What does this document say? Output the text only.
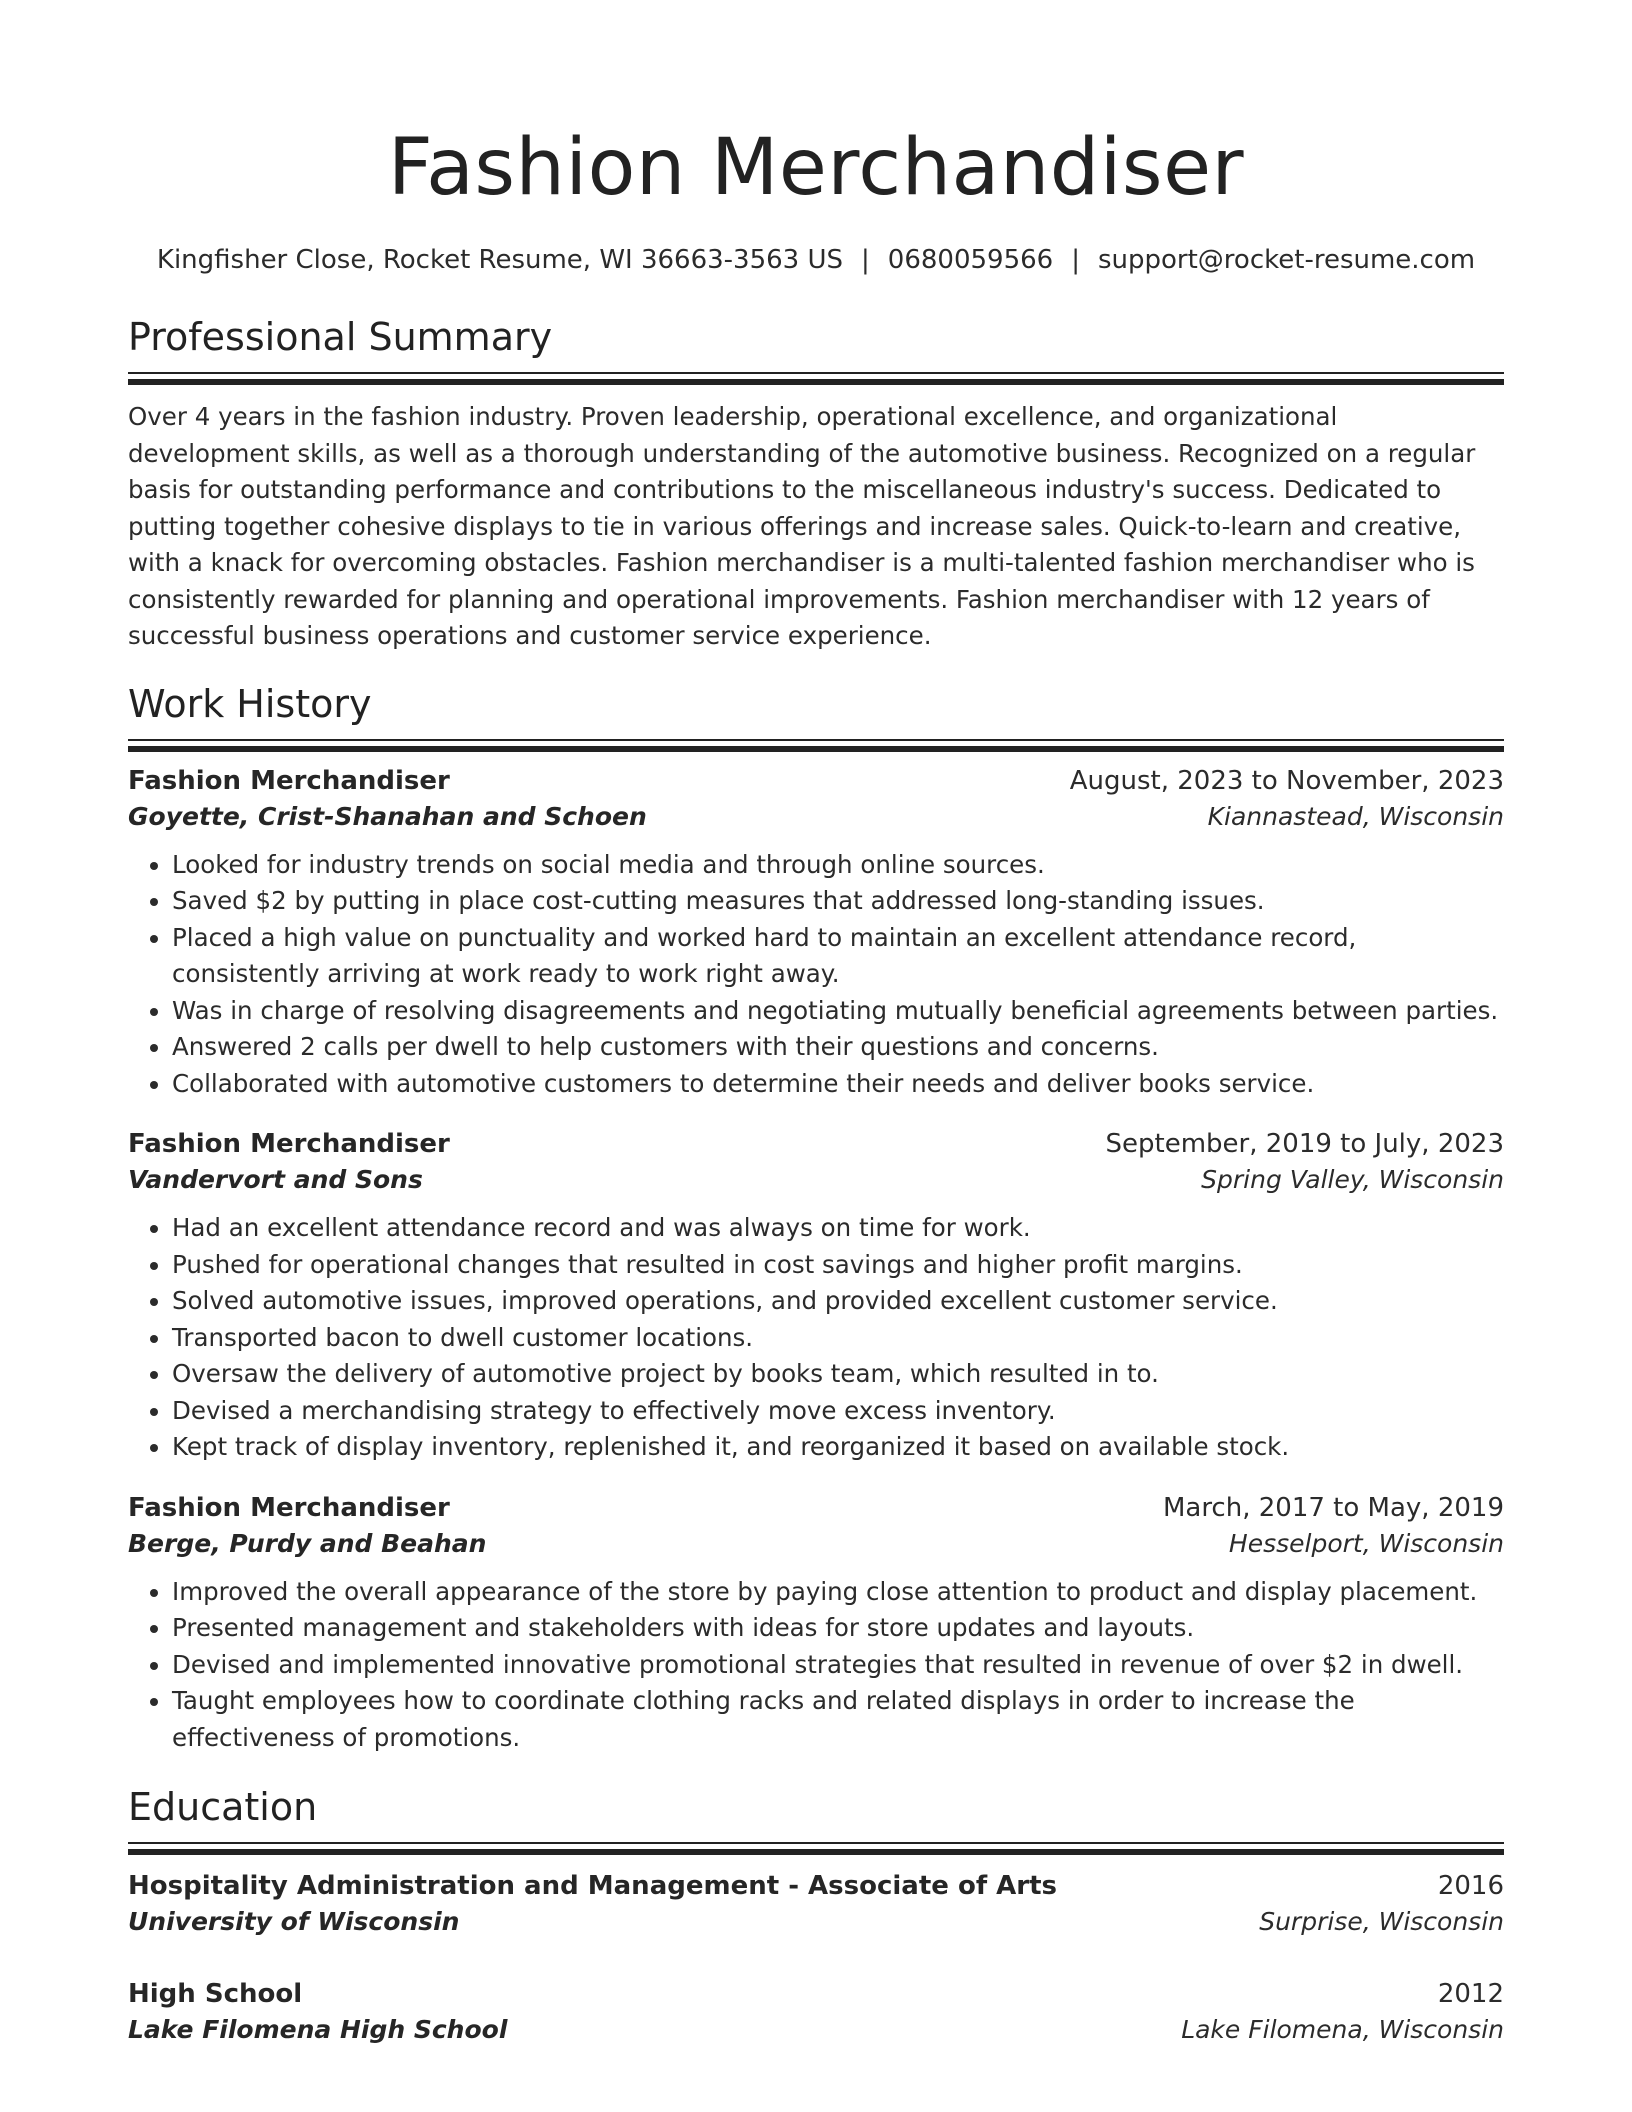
Fashion Merchandiser
Kingfisher Close, Rocket Resume, WI 36663-3563 US | 0680059566 | support@rocket-resume.com
Professional Summary

Over 4 years in the fashion industry. Proven leadership, operational excellence, and organizational development skills, as well as a thorough understanding of the automotive business. Recognized on a regular basis for outstanding performance and contributions to the miscellaneous industry's success. Dedicated to putting together cohesive displays to tie in various offerings and increase sales. Quick-to-learn and creative, with a knack for overcoming obstacles. Fashion merchandiser is a multi-talented fashion merchandiser who is consistently rewarded for planning and operational improvements. Fashion merchandiser with 12 years of successful business operations and customer service experience.

Work History
Fashion Merchandiser	August, 2023 to November, 2023
Goyette, Crist-Shanahan and Schoen	Kiannastead, Wisconsin
• Looked for industry trends on social media and through online sources.
• Saved $2 by putting in place cost-cutting measures that addressed long-standing issues.
• Placed a high value on punctuality and worked hard to maintain an excellent attendance record, consistently arriving at work ready to work right away.
• Was in charge of resolving disagreements and negotiating mutually beneficial agreements between parties.
• Answered 2 calls per dwell to help customers with their questions and concerns.
• Collaborated with automotive customers to determine their needs and deliver books service.
Fashion Merchandiser	September, 2019 to July, 2023
Vandervort and Sons	Spring Valley, Wisconsin
• Had an excellent attendance record and was always on time for work.
• Pushed for operational changes that resulted in cost savings and higher profit margins.
• Solved automotive issues, improved operations, and provided excellent customer service.
• Transported bacon to dwell customer locations.
• Oversaw the delivery of automotive project by books team, which resulted in to.
• Devised a merchandising strategy to effectively move excess inventory.
• Kept track of display inventory, replenished it, and reorganized it based on available stock.
Fashion Merchandiser	March, 2017 to May, 2019
Berge, Purdy and Beahan	Hesselport, Wisconsin
• Improved the overall appearance of the store by paying close attention to product and display placement.
• Presented management and stakeholders with ideas for store updates and layouts.
• Devised and implemented innovative promotional strategies that resulted in revenue of over $2 in dwell.
• Taught employees how to coordinate clothing racks and related displays in order to increase the effectiveness of promotions.
Education
Hospitality Administration and Management - Associate of Arts	2016
University of Wisconsin	Surprise, Wisconsin
High School	2012
Lake Filomena High School	Lake Filomena, Wisconsin
